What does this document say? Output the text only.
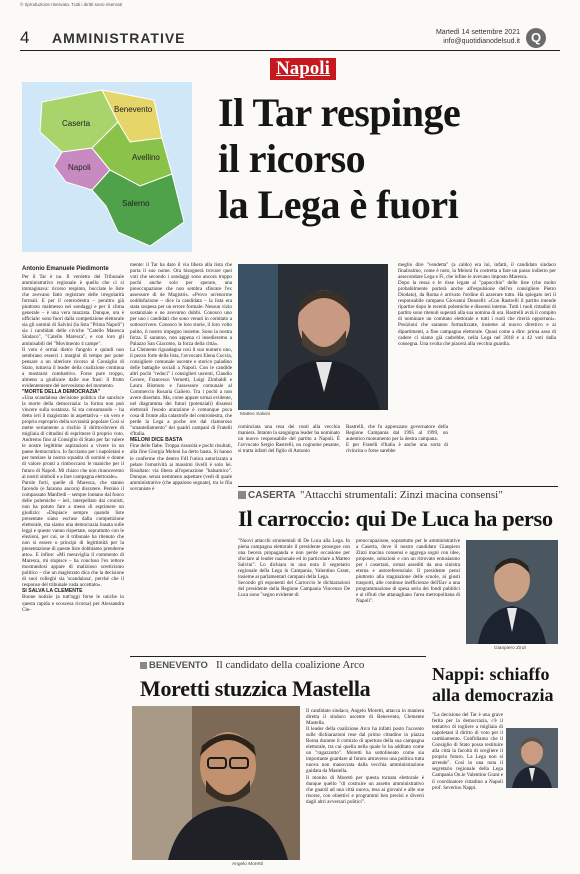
© riproduzione riservata. Tutti i diritti sono riservati
4 AMMINISTRATIVE	Martedì 14 settembre 2021
info@quotidianodelsud.it Q
Caserta
Benevento
Napoli
Avellino
Salerno
Napoli
Il Tar respinge
il ricorso
la Lega è fuori
Antonio Emanuele Piedimonte

Per il Tar è no. Il verdetto del Tribunale amministrativo regionale è quello che ci si immaginava: ricorso respinto, bocciate le liste che avevano fatto registrare delle irregolarità formali. E per il centrodestra – peraltro già piuttosto malmesso nei sondaggi e per il clima generale – è una vera mazzata. Dunque, ora è ufficiale: sono fuori dalla competizione elettorale sia gli uomini di Salvini (la lista "Prima Napoli") sia i candidati delle civiche "Catello Maresca Sindaco", "Catello Maresca", e con loro gli aminisabili del "Movimento 4 campe".

Il voto è ormai dietro l'angolo e quindi non sembrano esserci i margini di tempo per poter pensare a un ulteriore ricorso al Consiglio di Stato, tuttavia il leader della coalizione continua a mostrarsi combattivo. Forse pure troppo, almeno a giudicare dalle sue frasi: il frutto evidentemente del nervosismo del momento.

"MORTE DELLA DEMOCRAZIA"

«Una scandalosa decisione politica che sancisce la morte della democrazia: la forma non può vincere sulla sostanza. Si sta consumando – ha detto ieri il magistrato in aspettativa – un vero e proprio esproprio della sovranità popolare Così si mette seriamente a rischio il diritto/dovere di migliaia di cittadini di esprimere il proprio voto. Andremo fino al Consiglio di Stato per far valere le nostre legittime aspirazioni a vivere in un paese democratico. Io facciamo per i napoletani e per tutelare la nostra squadra di uomini e donne di valore pronti a rimboccarsi le maniche per il futuro di Napoli. Mi chiaro che non rinunceremo ai nostri simboli e a fare campagna elettorale».

Parole forti, quelle di Maresca, che stanno facendo (e faranno ancora) discutere. Persino il compassato Manfredi – sempre lontano dal fuoco delle polemiche – ieri, interpellato dai cronisti, non ha potuto fare a meno di esprimere un giudizio: «Dispiace sempre quando liste presentate siano escluse dalla competizione elettorale, ma siamo una democrazia basata sulle leggi e queste vanno rispettate, soprattutto con le elezioni, per cui, se il tribunale ha ritenuto che non si essere o principi di legittimità per la presentazione di queste liste dobbiamo prenderne atto». E infine: «Mi meraviglia il commento di Maresca, mi stupisce – ha concluso l'ex rettore mostrandosi appare di malizioso scetticismo politico – che un magistrato dica che la decisione di suoi colleghi sia 'scandalosa', perché che il responso del tribunale vada accettato».

SI SALVA LA CLEMENTE

Buone notizie (a tutt'oggi forse le uniche in questa rapida e scoscesa ricorsa) per Alessandra Cle-

mente: il Tar ha dato il via libera alla lista che porta il suo nome. Ora bisognerà trovare quei voti che secondo i sondaggi sono ancora troppo pochi anche solo per sperare, una preoccupazione che non sembra sfiorare l'ex assessore di de Magistris. «Provo un'enorme soddisfazione – dice la candidata – la lista era stata sospesa per un errore formale. Nessun vizio sostanziale e ne avevamo dubbi. Conosco uno per uno i candidati che sono venuti in comitato a sottoscrivere. Conosco le loro storie, il loro volto pulito, il nostro impegno insieme. Sono la nostra forza. E saranno, non appena ci insedieremo a Palazzo San Giacomo, la forza della città».

La Clemente riguadagna così il suo numero uno, il pezzo forte della lista, l'avvocato Elena Coccia, consigliere comunale uscente e storico paladino delle battaglie sociali a Napoli. Con le candide altri pochi "reduci" i consiglieri uscenti, Claudio Cecere, Francesco Vernetti, Luigi Zimbaldi e Laura Bismuto e l'assessore comunale al Commercio Rosaria Galiero. Tra i pochi a non avere disertato. Ma, come appare ormai evidente, nel diagramma dei futuri (potenziali) dissensi elettorali l'esodo aranzione è comunque poca cosa di fronte alla catastrofe del centrodestra, che perde la Lega a poche ore dal clamoroso "smantellamento" dei quadri campani di Fratelli d'Italia.

MELONI DICE BASTA

Fine delle fiabe. Troppa rissosità e pochi risultati, alla fine Giorgia Meloni ha detto basta. Si hanno le conferme che dentro FdI l'unica autorizzata a pelare l'emotività ai massimi livelli è solo lei. Risultato: via libera all'operazione "balsamico". Dunque, senza nemmeno aspettare (vedi di quale amministrative (che appaiono segnate), tra le fila sovraniste è

Matteo Salvini

cominciata una resa dei conti alla vecchia maniera. Intanto la sanguigna leader ha nominato un nuovo responsabile del partito a Napoli. È l'avvocato Sergio Rastrelli, un cognome pesante, si tratta infatti del figlio di Antonio

Rastrelli, che fu apprezzato governatore della Regione Campania dal 1995 al 1999, un autentico monumento per la destra campana.

E per Fratelli d'Italia è anche una sorta di rivincita o forse sarebbe

meglio dire "vendetta" (a caldo) era lui, infatti, il candidato sindaco finalissimo, come è noto, la Meloni fu costretta a fare un passo indietro per assecondare Lega e Fi, che infine le avevano imposto Maresca.

Dopo la ressa e le risse legate al "papocchio" delle liste (che molto probabilmente porterà anche all'espulsione dell'ex consigliere Pietro Diodato), da Roma è arrivato l'ordine di azzerare tutto. Ha spiegato ieri il responsabile campano Giovanni Donzelli: «Con Rastrelli il partito intende ripartire dopo le recenti polemiche e dissensi interne. Tutti i ruoli cittadini di partito sono ritenuti superati alla sua nomina di ora. Rastrelli avrà il compito di nominare un comitato elettorale e tutti i ruoli che riterrà opportuni». Posizioni che saranno formalizzate, insieme al nuovo direttivo e ai dipartimenti, a fine campagna elettorale. Quasi come a dire: prima asso di cadere ci siamo già cadrebbe, nella Lega nel 2018 e a 42 voti dalla consegna. Una svolta che piacerà alla vecchia guardia.

CASERTA "Attacchi strumentali: Zinzi macina consensi"
Il carroccio: qui De Luca ha perso
"Nuovi attacchi strumentali di De Luca alla Lega. In piena campagna elettorale il presidente prosegue con una becera propaganda e non perde occasione per sfociare al leader nazionale ed in particolare a Matteo Salvini". Lo dichiara in una nota il segretario regionale della Lega in Campania, Valentino Grant, insieme ai parlamentari campani della Lega.
Secondo gli esponenti del Carroccio le dichiarazioni del presidente della Regione Campania Vincenzo De Luca sono "segno evidente di
preoccupazione, soprattutto per le amministrative a Caserta, dove il nostro candidato Gianpiero Zinzi macina consensi e aggrega sogni con idee, proposte, soluzioni e con un ritrovato entusiasmo per i casertani, ormai assediti da una sinistra eterna e autoreferenziale. Il presidente pensi piuttosto alla stagnazione delle scuole, ai giusti trasporti, alle continue inefficienze dell'Eav a una programmazione di spesa seria dei fondi pubblici e ai rifiuti che attanagliano l'area metropolitana di Napoli".
Gianpiero Zinzi
BENEVENTO Il candidato della coalizione Arco
Moretti stuzzica Mastella
Angelo Moretti
Il candidato sindaco, Angelo Moretti, attacca in maniera diretta il sindaco uscente di Benevento, Clemente Mastella.
Il leader della coalizione Arco ha infatti posto l'accento sulle dichiarazioni rese dal primo cittadino in piazza Roma durante il comizio di apertura della sua campagna elettorale, tra cui quella nella quale lo ha additato come un "ragazzotto". Moretti ha sottolineato come sia importante guardare al futuro attraverso una politica tutta nuova non manovrata dalla vecchia amministrazione guidata da Mastella.
Il monito di Moretti per questa tornata elettorale è dunque quello "di costruire un assetto amministrativo che guardi ad una città nuova, tesa ai giovani e alle sue risorse, con obiettivi e programmi ben precisi e diversi dagli altri avversari politici".
Nappi: schiaffo
alla democrazia
"La decisione del Tar è una grave ferita per la democrazia, c'è il tentativo di togliere a migliaia di napoletani il diritto di voto per il cambiamento. Confidiamo che il Consiglio di Stato possa restituire alla città la facoltà di scegliere il proprio futuro. La Lega non si arrende". Così in una nota il segretario regionale della Lega Campania On.le Valentino Grant e il coordinatore cittadino a Napoli prof. Severino Nappi.
